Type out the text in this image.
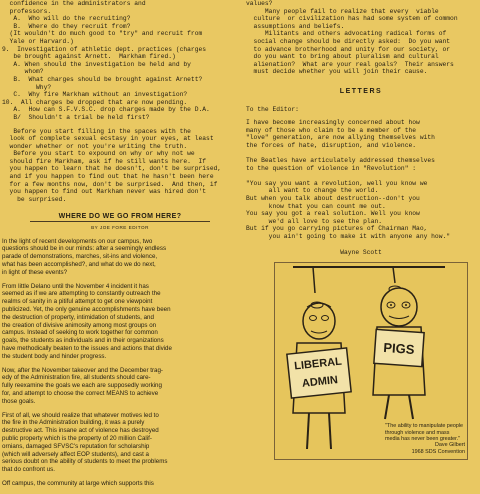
confidence in the administrators and
professors.
A.  Who will do the recruiting?
B.  Where do they recruit from?
(It wouldn't do much good to "try" and recruit from
Yale or Harvard.)
9.  Investigation of athletic dept. practices (charges
be brought against Arnett.  Markham fired.)
A. When should the investigation be held and by
whom?
B.  What charges should be brought against Arnett?
Why?
C.  Why fire Markham without an investigation?
10.  All charges be dropped that are now pending.
A.  How can S.F.V.S.C. drop charges made by the D.A.
B/  Shouldn't a trial be held first?
Before you start filling in the spaces with the
look of complete sexual ecstasy in your eyes, at least
wonder whether or not you're writing the truth.
Before you start to expound on why or why not we
should fire Markham, ask if he still wants here.  If
you happen to learn that he doesn't, don't be surprised,
and if you happen to find out that he hasn't been here
for a few months now, don't be surprised.  And then, if
you happen to find out Markham never was hired don't
be surprised.
WHERE DO WE GO FROM HERE?
BY JOE FORE EDITOR

In the light of recent developments on our campus, two
questions should be in our minds: after a seemingly endless
parade of demonstrations, marches, sit-ins and violence,
what has been accomplished?, and what do we do next,
in light of these events?

From little Delano until the November 4 incident it has
seemed as if we are attempting to constantly outreach the
realms of sanity in a pitiful attempt to get one viewpoint
publicized. Yet, the only genuine accomplishments have been
the destruction of property, intimidation of students, and
the creation of divisive animosity among most groups on
campus. Instead of seeking to work together for common
goals, the students as individuals and in their organizations
have methodically beaten to the issues and actions that divide
the student body and hinder progress.

Now, after the November takeover and the December trag-
edy of the Administration fire, all students should care-
fully reexamine the goals we each are supposedly working
for, and attempt to choose the correct MEANS to achieve
those goals.

First of all, we should realize that whatever motives led to
the fire in the Administration building, it was a purely
destructive act. This insane act of violence has destroyed
public property which is the property of 20 million Calif-
ornians, damaged SFVSC's reputation for scholarship
(which will adversely affect EOP students), and cast a
serious doubt on the ability of students to meet the problems
that do confront us.

Off campus, the community at large which supports this

values?
Many people fail to realize that every  viable
culture  or civilization has had some system of common
assumptions and beliefs.
Militants and others advocating radical forms of
social change should be directly asked:  Do you want
to advance brotherhood and unity for our society, or
do you want to bring about pluralism and cultural
alienation?  What are your real goals?  Their answers
must decide whether you will join their cause.
LETTERS
To the Editor:
I have become increasingly concerned about how
many of those who claim to be a member of the
"love" generation, are now allying themselves with
the forces of hate, disruption, and violence.

The Beatles have articulately addressed themselves
to the question of violence in "Revolution" :

"You say you want a revolution, well you know we
all want to change the world.
But when you talk about destruction--don't you
know that you can count me out.
You say you got a real solution. Well you know
we'd all love to see the plan.
But if you go carrying pictures of Chairman Mao,
you ain't going to make it with anyone any how."
Wayne Scott
LIBERAL
ADMIN
PIGS
"The ability to manipulate people through violence and mass media has never been greater."
Dave Gilbert
1968 SDS Convention
